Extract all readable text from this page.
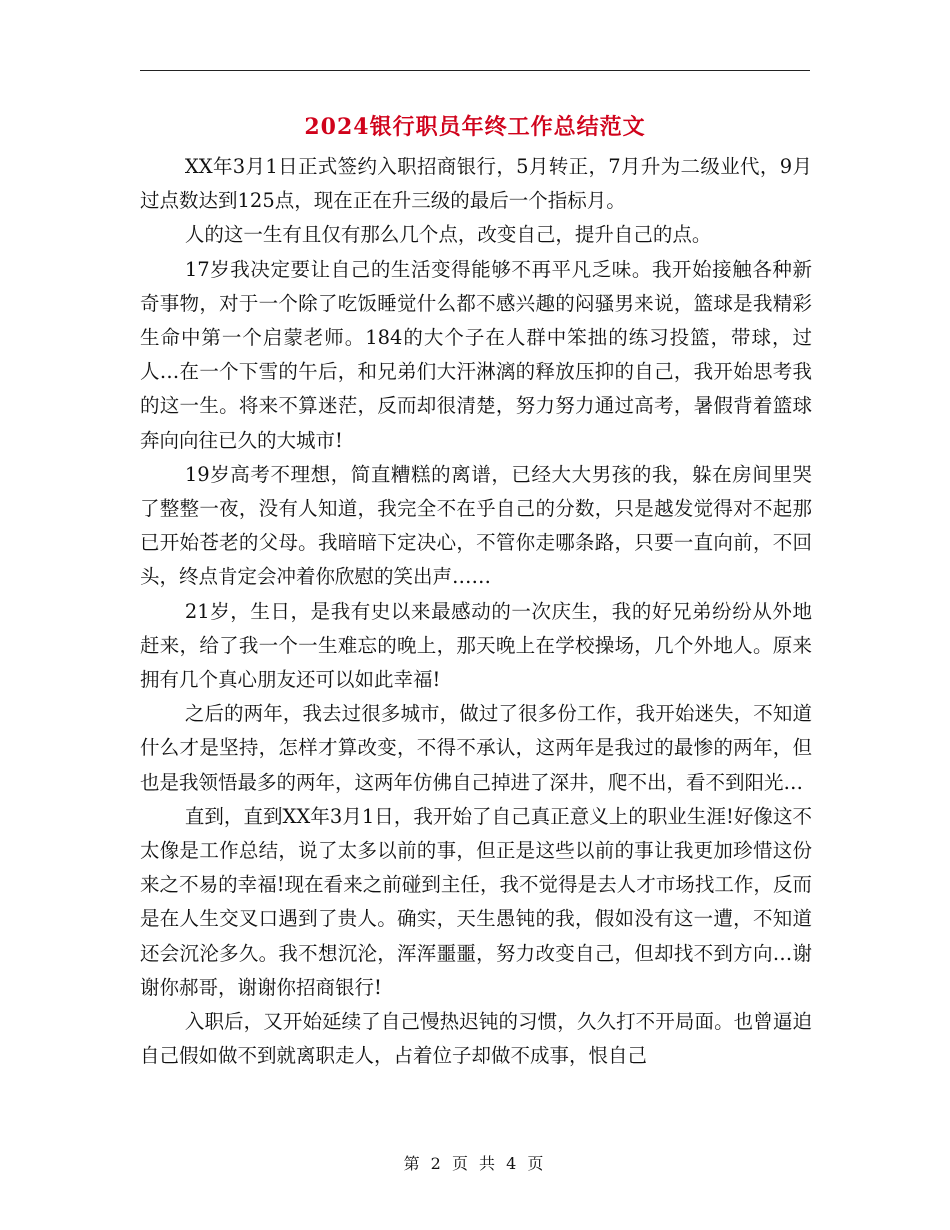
2024银行职员年终工作总结范文

XX年3月1日正式签约入职招商银行，5月转正，7月升为二级业代，9月过点数达到125点，现在正在升三级的最后一个指标月。

人的这一生有且仅有那么几个点，改变自己，提升自己的点。

17岁我决定要让自己的生活变得能够不再平凡乏味。我开始接触各种新奇事物，对于一个除了吃饭睡觉什么都不感兴趣的闷骚男来说，篮球是我精彩生命中第一个启蒙老师。184的大个子在人群中笨拙的练习投篮，带球，过人…在一个下雪的午后，和兄弟们大汗淋漓的释放压抑的自己，我开始思考我的这一生。将来不算迷茫，反而却很清楚，努力努力通过高考，暑假背着篮球奔向向往已久的大城市!

19岁高考不理想，简直糟糕的离谱，已经大大男孩的我，躲在房间里哭了整整一夜，没有人知道，我完全不在乎自己的分数，只是越发觉得对不起那已开始苍老的父母。我暗暗下定决心，不管你走哪条路，只要一直向前，不回头，终点肯定会冲着你欣慰的笑出声……

21岁，生日，是我有史以来最感动的一次庆生，我的好兄弟纷纷从外地赶来，给了我一个一生难忘的晚上，那天晚上在学校操场，几个外地人。原来拥有几个真心朋友还可以如此幸福!

之后的两年，我去过很多城市，做过了很多份工作，我开始迷失，不知道什么才是坚持，怎样才算改变，不得不承认，这两年是我过的最惨的两年，但也是我领悟最多的两年，这两年仿佛自己掉进了深井，爬不出，看不到阳光…

直到，直到XX年3月1日，我开始了自己真正意义上的职业生涯!好像这不太像是工作总结，说了太多以前的事，但正是这些以前的事让我更加珍惜这份来之不易的幸福!现在看来之前碰到主任，我不觉得是去人才市场找工作，反而是在人生交叉口遇到了贵人。确实，天生愚钝的我，假如没有这一遭，不知道还会沉沦多久。我不想沉沦，浑浑噩噩，努力改变自己，但却找不到方向…谢谢你郝哥，谢谢你招商银行!

入职后，又开始延续了自己慢热迟钝的习惯，久久打不开局面。也曾逼迫自己假如做不到就离职走人，占着位子却做不成事，恨自己

第 2 页 共 4 页
